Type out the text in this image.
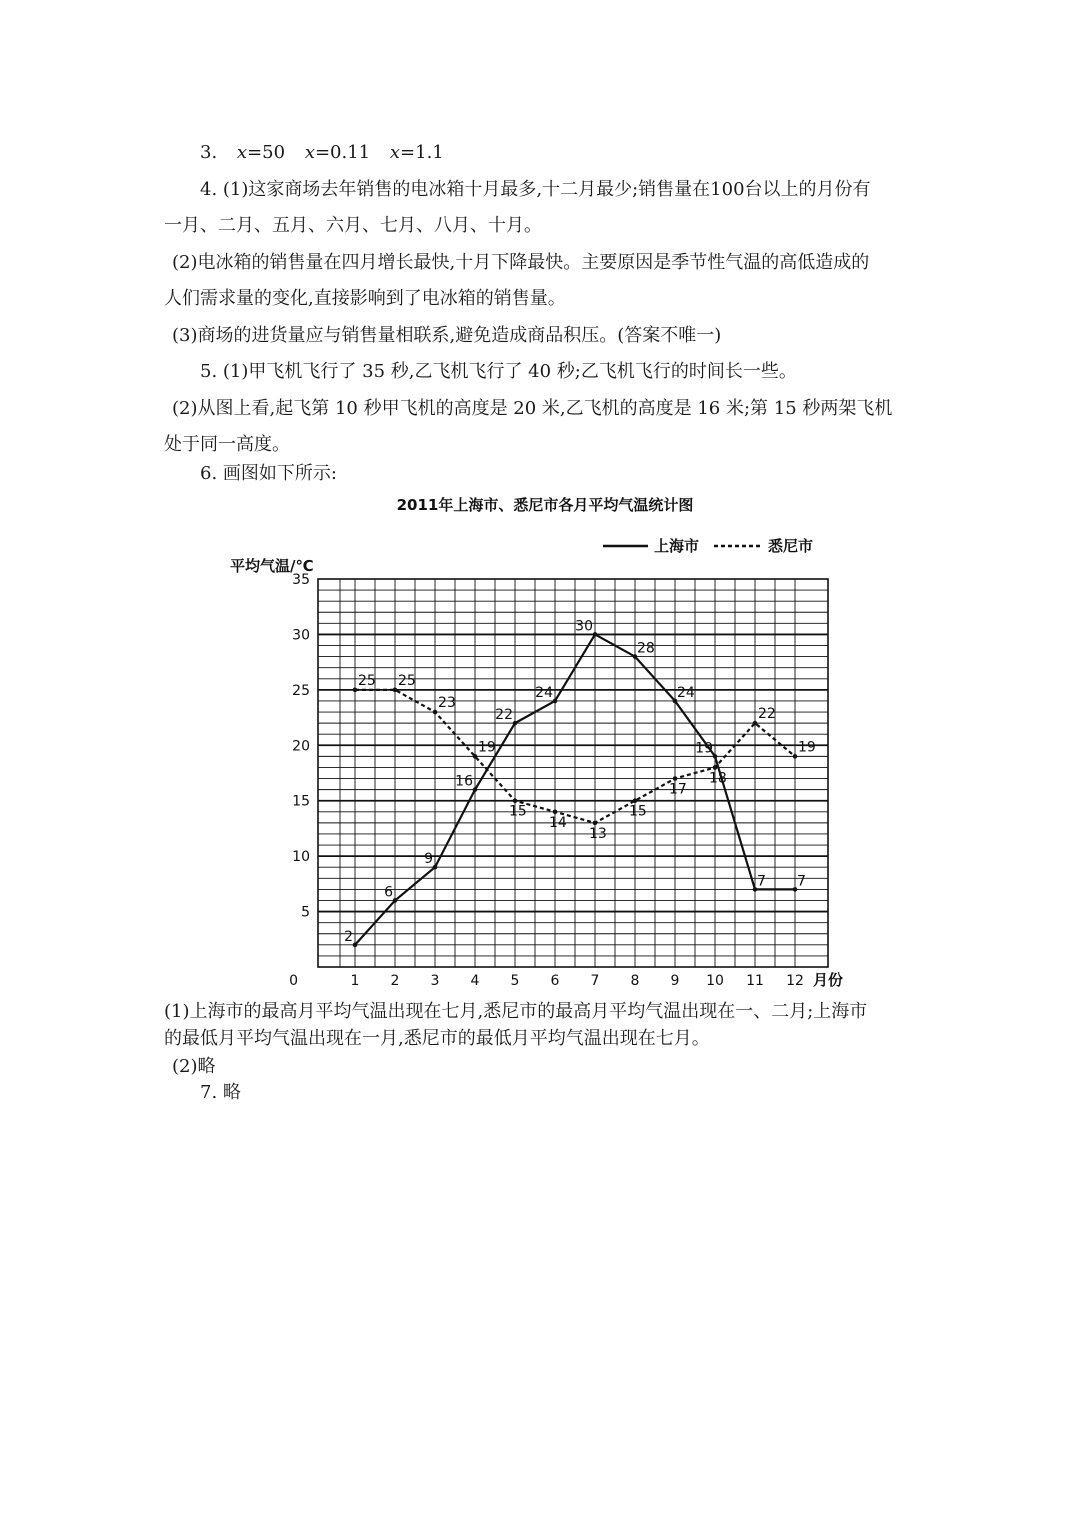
3. x=50 x=0.11 x=1.1
4. (1)这家商场去年销售的电冰箱十月最多,十二月最少;销售量在100台以上的月份有
一月、二月、五月、六月、七月、八月、十月。
(2)电冰箱的销售量在四月增长最快,十月下降最快。主要原因是季节性气温的高低造成的
人们需求量的变化,直接影响到了电冰箱的销售量。
(3)商场的进货量应与销售量相联系,避免造成商品积压。(答案不唯一)
5. (1)甲飞机飞行了 35 秒,乙飞机飞行了 40 秒;乙飞机飞行的时间长一些。
(2)从图上看,起飞第 10 秒甲飞机的高度是 20 米,乙飞机的高度是 16 米;第 15 秒两架飞机
处于同一高度。
6. 画图如下所示:
2011年上海市、悉尼市各月平均气温统计图
上海市	悉尼市
平均气温/℃
5
10
15
20
25
30
35
0	1 2 3 4 5 6 7 8 9 10 11 12 月份
2
6
9
16
22
24
30
28
24
19
7 7
25 25
23
19
15
14
13
15
17
18
22
19
(1)上海市的最高月平均气温出现在七月,悉尼市的最高月平均气温出现在一、二月;上海市
的最低月平均气温出现在一月,悉尼市的最低月平均气温出现在七月。
(2)略
7. 略
